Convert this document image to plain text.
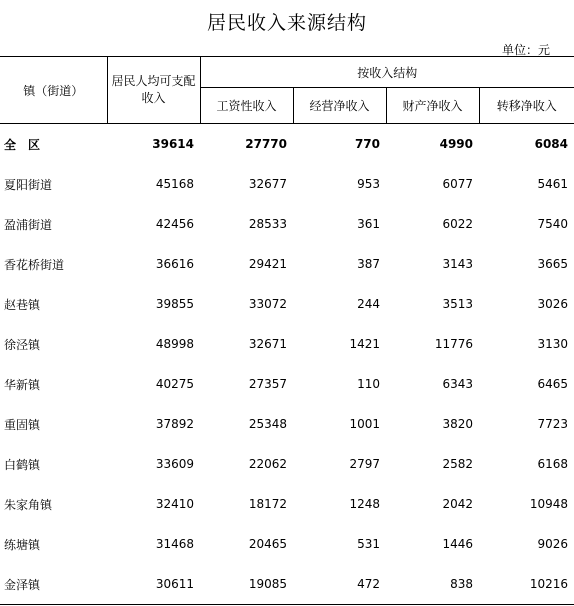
居民收入来源结构
单位：元
镇（街道）	居民人均可支配收入	按收入结构			
		工资性收入	经营净收入	财产净收入	转移净收入
全　区	39614	27770	770	4990	6084
夏阳街道	45168	32677	953	6077	5461
盈浦街道	42456	28533	361	6022	7540
香花桥街道	36616	29421	387	3143	3665
赵巷镇	39855	33072	244	3513	3026
徐泾镇	48998	32671	1421	11776	3130
华新镇	40275	27357	110	6343	6465
重固镇	37892	25348	1001	3820	7723
白鹤镇	33609	22062	2797	2582	6168
朱家角镇	32410	18172	1248	2042	10948
练塘镇	31468	20465	531	1446	9026
金泽镇	30611	19085	472	838	10216
